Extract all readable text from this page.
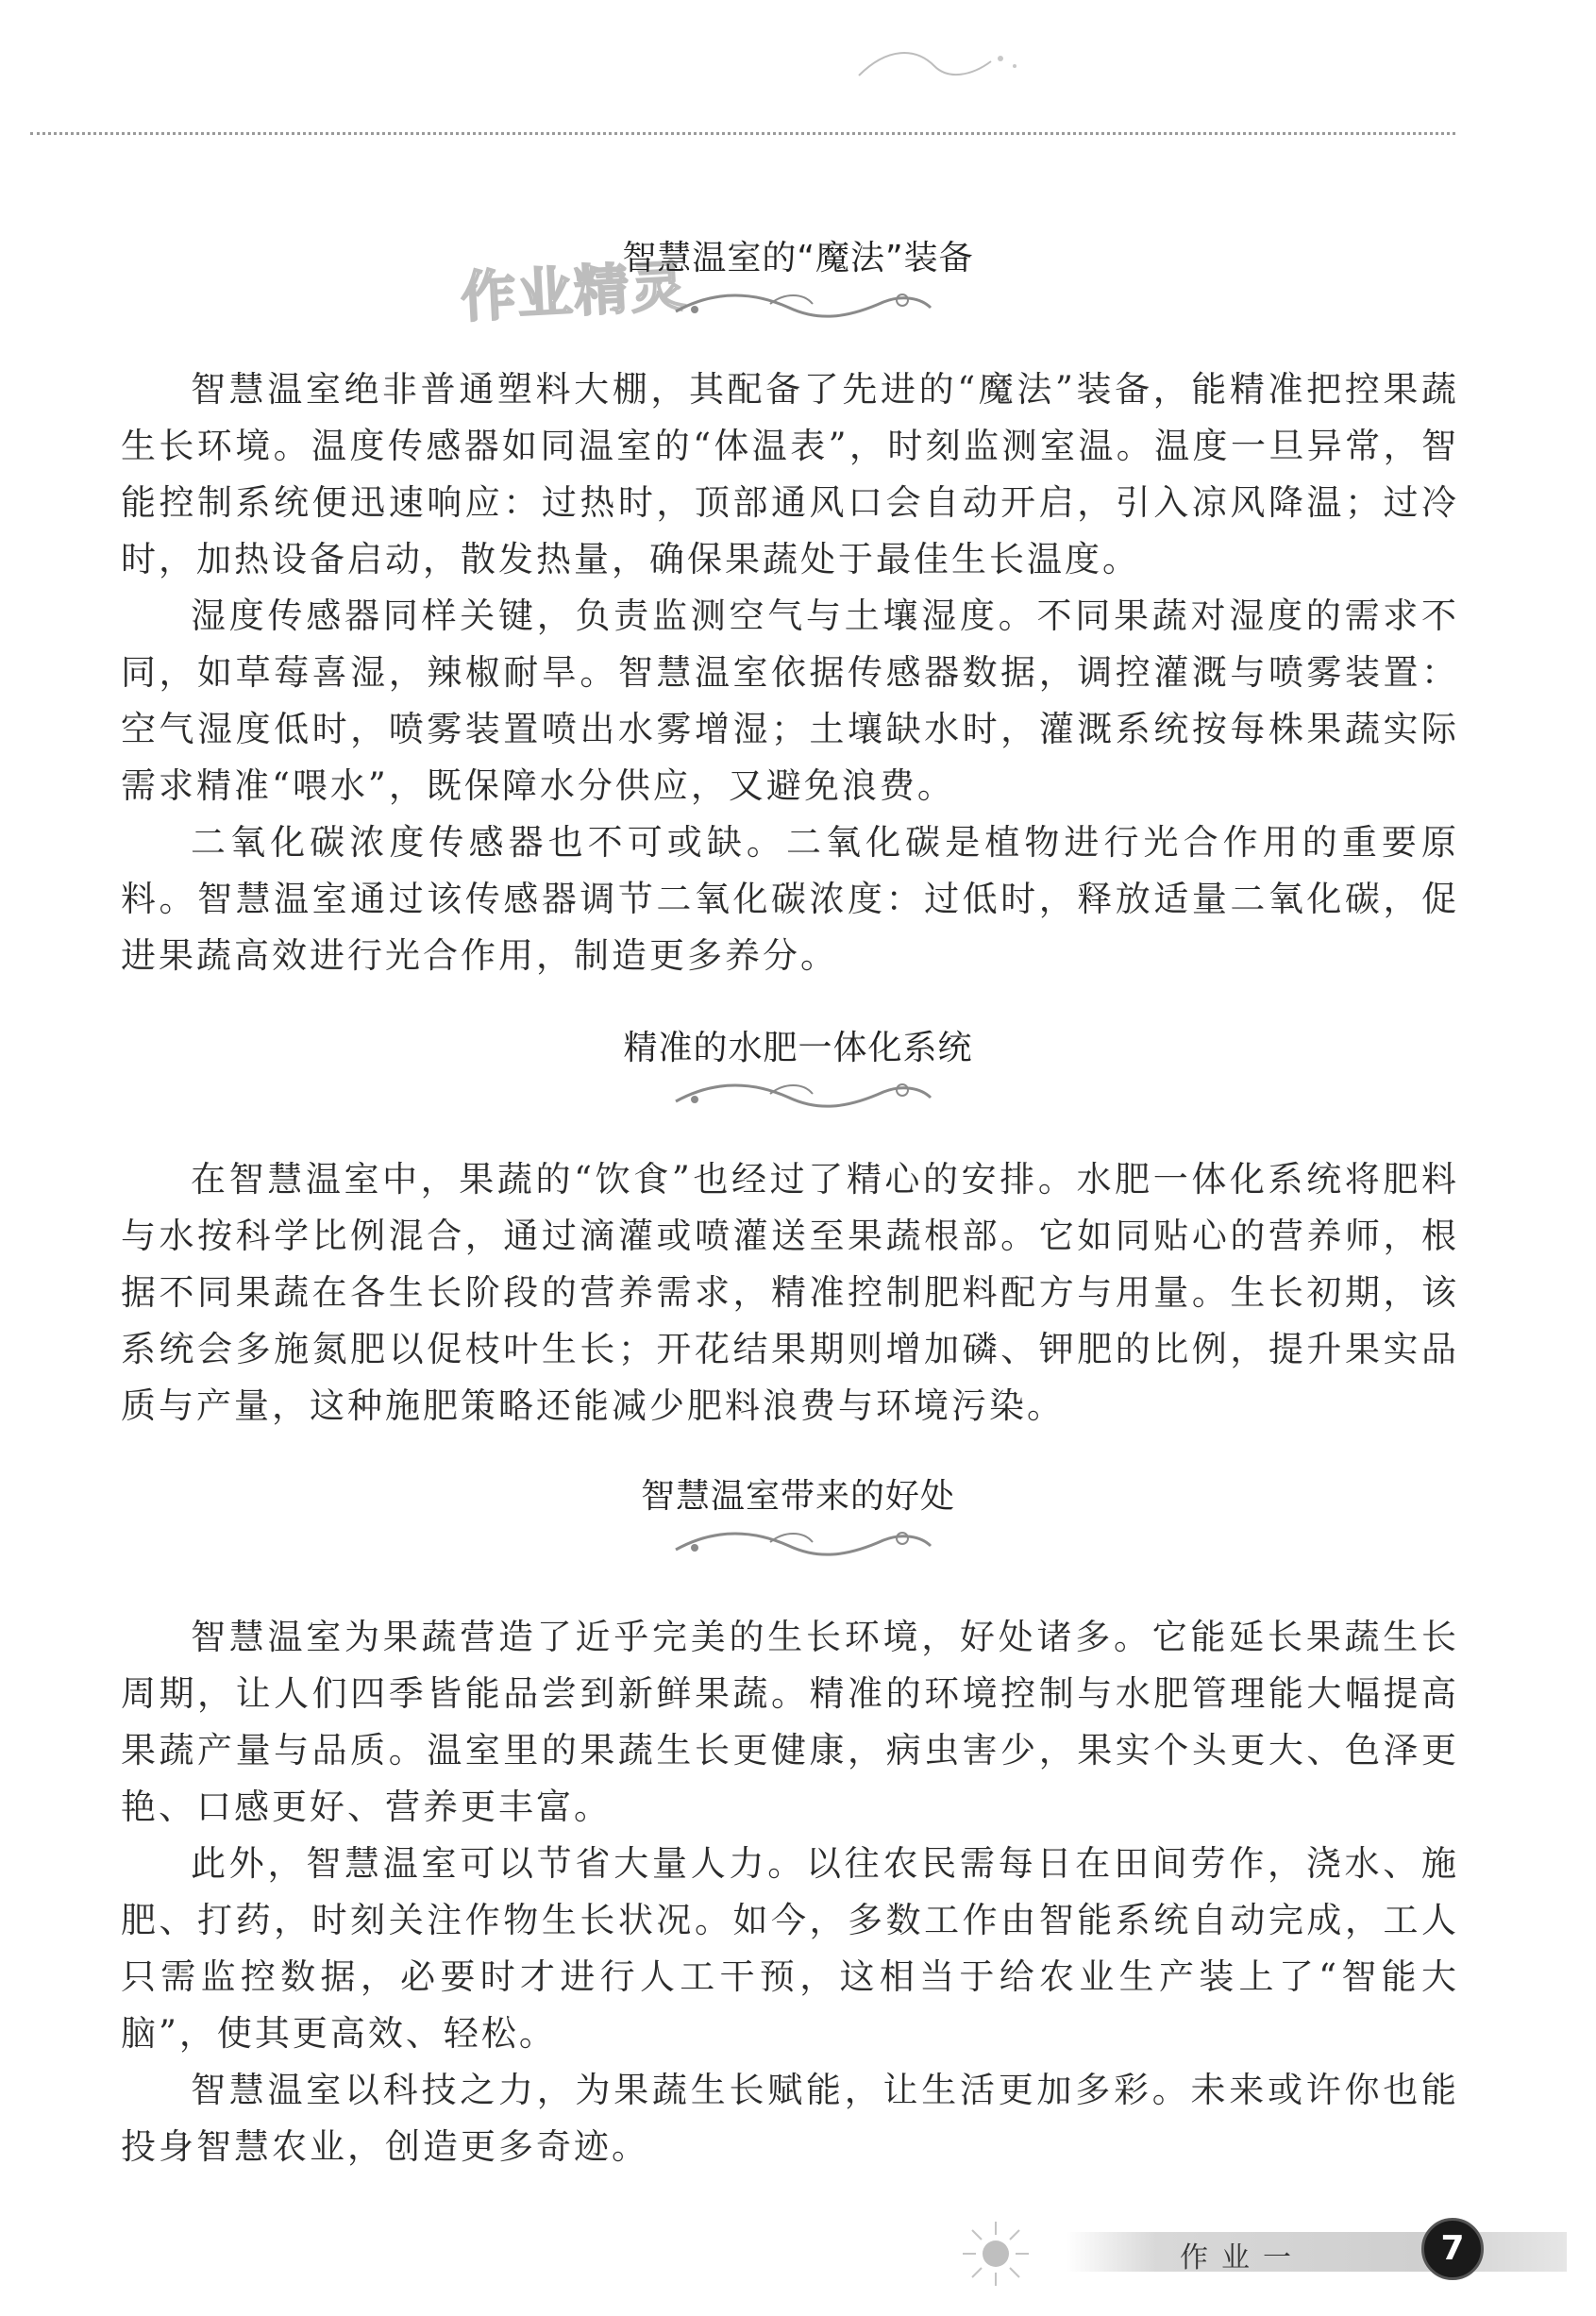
作业精灵
智慧温室的“魔法”装备

智慧温室绝非普通塑料大棚，其配备了先进的“魔法”装备，能精准把控果蔬生长环境。温度传感器如同温室的“体温表”，时刻监测室温。温度一旦异常，智能控制系统便迅速响应：过热时，顶部通风口会自动开启，引入凉风降温；过冷时，加热设备启动，散发热量，确保果蔬处于最佳生长温度。

湿度传感器同样关键，负责监测空气与土壤湿度。不同果蔬对湿度的需求不同，如草莓喜湿，辣椒耐旱。智慧温室依据传感器数据，调控灌溉与喷雾装置：空气湿度低时，喷雾装置喷出水雾增湿；土壤缺水时，灌溉系统按每株果蔬实际需求精准“喂水”，既保障水分供应，又避免浪费。

二氧化碳浓度传感器也不可或缺。二氧化碳是植物进行光合作用的重要原料。智慧温室通过该传感器调节二氧化碳浓度：过低时，释放适量二氧化碳，促进果蔬高效进行光合作用，制造更多养分。

精准的水肥一体化系统

在智慧温室中，果蔬的“饮食”也经过了精心的安排。水肥一体化系统将肥料与水按科学比例混合，通过滴灌或喷灌送至果蔬根部。它如同贴心的营养师，根据不同果蔬在各生长阶段的营养需求，精准控制肥料配方与用量。生长初期，该系统会多施氮肥以促枝叶生长；开花结果期则增加磷、钾肥的比例，提升果实品质与产量，这种施肥策略还能减少肥料浪费与环境污染。

智慧温室带来的好处

智慧温室为果蔬营造了近乎完美的生长环境，好处诸多。它能延长果蔬生长周期，让人们四季皆能品尝到新鲜果蔬。精准的环境控制与水肥管理能大幅提高果蔬产量与品质。温室里的果蔬生长更健康，病虫害少，果实个头更大、色泽更艳、口感更好、营养更丰富。

此外，智慧温室可以节省大量人力。以往农民需每日在田间劳作，浇水、施肥、打药，时刻关注作物生长状况。如今，多数工作由智能系统自动完成，工人只需监控数据，必要时才进行人工干预，这相当于给农业生产装上了“智能大脑”，使其更高效、轻松。

智慧温室以科技之力，为果蔬生长赋能，让生活更加多彩。未来或许你也能投身智慧农业，创造更多奇迹。

作业一	7
